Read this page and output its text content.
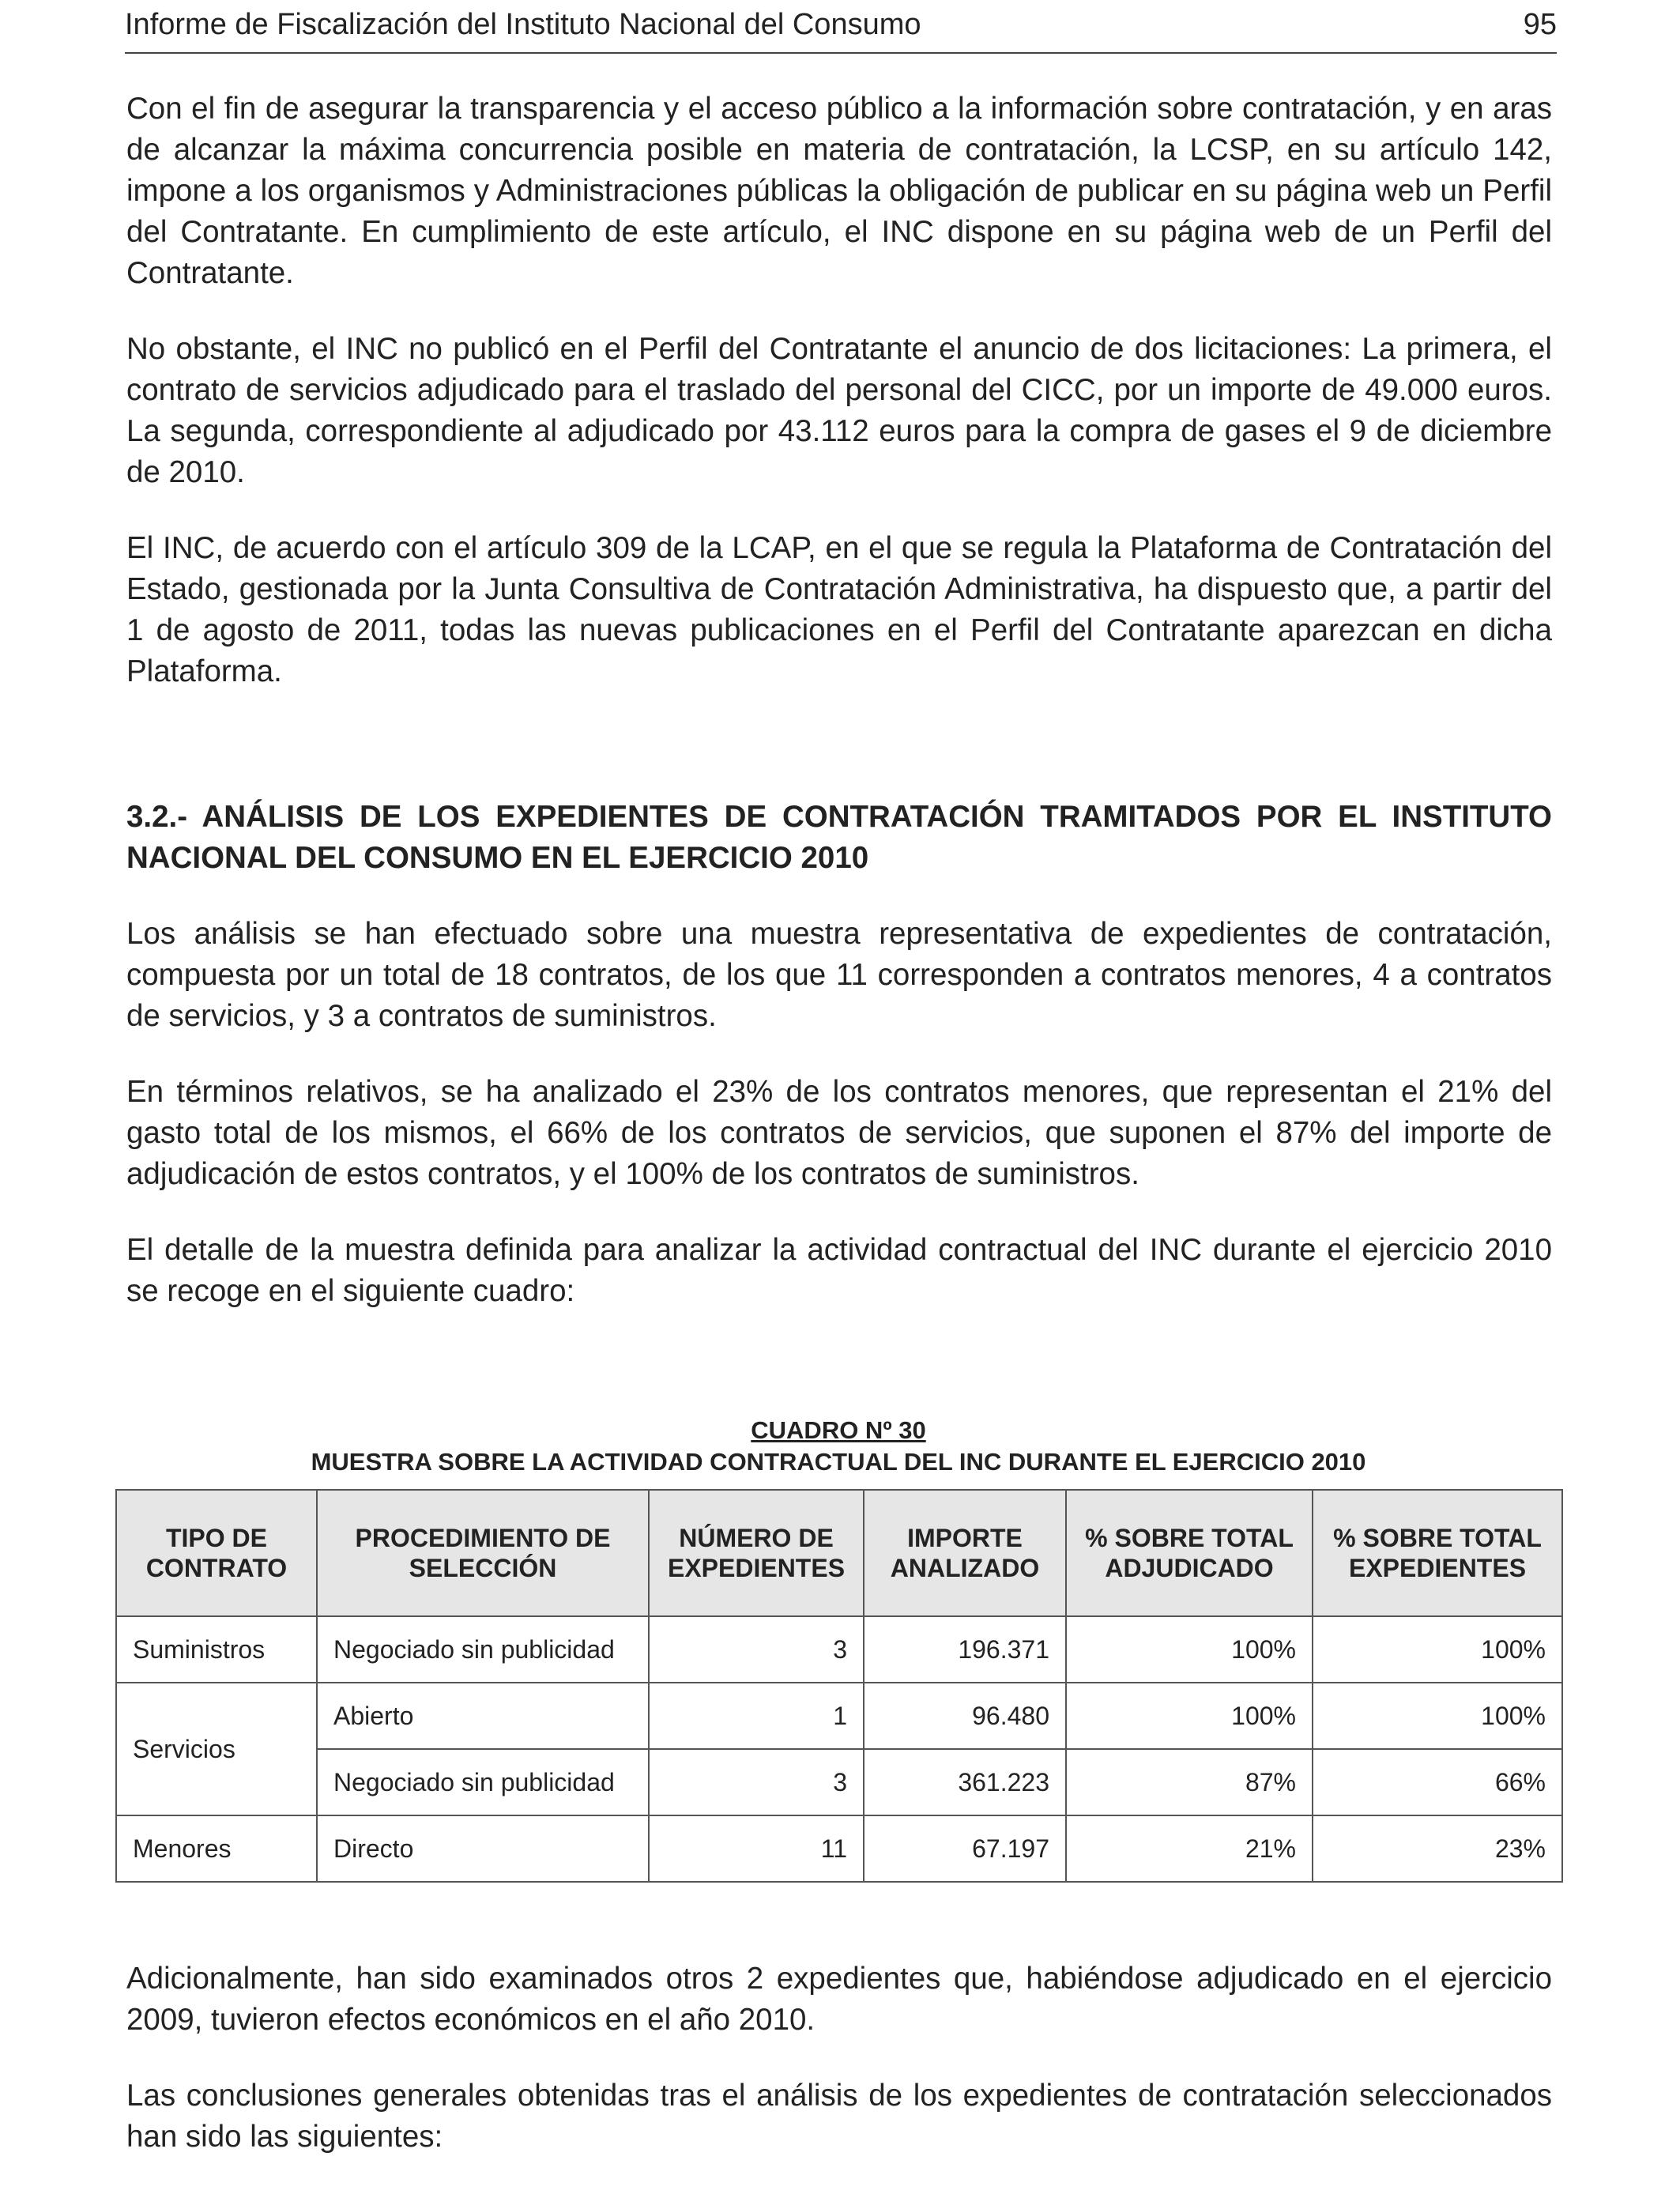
Informe de Fiscalización del Instituto Nacional del Consumo	95

Con el fin de asegurar la transparencia y el acceso público a la información sobre contratación, y en aras de alcanzar la máxima concurrencia posible en materia de contratación, la LCSP, en su artículo 142, impone a los organismos y Administraciones públicas la obligación de publicar en su página web un Perfil del Contratante. En cumplimiento de este artículo, el INC dispone en su página web de un Perfil del Contratante.

No obstante, el INC no publicó en el Perfil del Contratante el anuncio de dos licitaciones: La primera, el contrato de servicios adjudicado para el traslado del personal del CICC, por un importe de 49.000 euros. La segunda, correspondiente al adjudicado por 43.112 euros para la compra de gases el 9 de diciembre de 2010.

El INC, de acuerdo con el artículo 309 de la LCAP, en el que se regula la Plataforma de Contratación del Estado, gestionada por la Junta Consultiva de Contratación Administrativa, ha dispuesto que, a partir del 1 de agosto de 2011, todas las nuevas publicaciones en el Perfil del Contratante aparezcan en dicha Plataforma.

3.2.- ANÁLISIS DE LOS EXPEDIENTES DE CONTRATACIÓN TRAMITADOS POR EL INSTITUTO NACIONAL DEL CONSUMO EN EL EJERCICIO 2010

Los análisis se han efectuado sobre una muestra representativa de expedientes de contratación, compuesta por un total de 18 contratos, de los que 11 corresponden a contratos menores, 4 a contratos de servicios, y 3 a contratos de suministros.

En términos relativos, se ha analizado el 23% de los contratos menores, que representan el 21% del gasto total de los mismos, el 66% de los contratos de servicios, que suponen el 87% del importe de adjudicación de estos contratos, y el 100% de los contratos de suministros.

El detalle de la muestra definida para analizar la actividad contractual del INC durante el ejercicio 2010 se recoge en el siguiente cuadro:

CUADRO Nº 30
MUESTRA SOBRE LA ACTIVIDAD CONTRACTUAL DEL INC DURANTE EL EJERCICIO 2010
TIPO DE CONTRATO	PROCEDIMIENTO DE SELECCIÓN	NÚMERO DE EXPEDIENTES	IMPORTE ANALIZADO	% SOBRE TOTAL ADJUDICADO	% SOBRE TOTAL EXPEDIENTES
Suministros	Negociado sin publicidad	3	196.371	100%	100%
Servicios	Abierto	1	96.480	100%	100%
	Negociado sin publicidad	3	361.223	87%	66%
Menores	Directo	11	67.197	21%	23%

Adicionalmente, han sido examinados otros 2 expedientes que, habiéndose adjudicado en el ejercicio 2009, tuvieron efectos económicos en el año 2010.

Las conclusiones generales obtenidas tras el análisis de los expedientes de contratación seleccionados han sido las siguientes:
